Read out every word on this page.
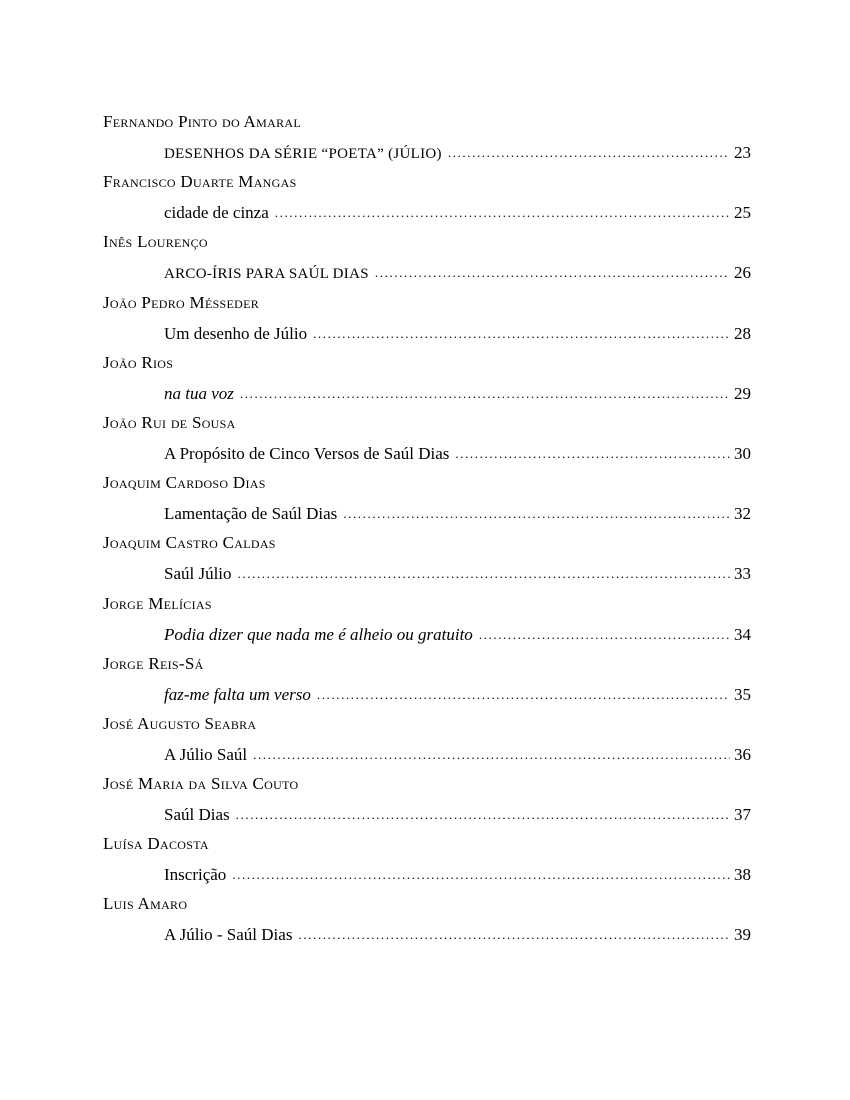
Fernando Pinto do Amaral
DESENHOS DA SÉRIE “POETA” (JÚLIO) .....	23
Francisco Duarte Mangas
cidade de cinza .....	25
Inês Lourenço
ARCO-ÍRIS PARA SAÚL DIAS .....	26
João Pedro Mésseder
Um desenho de Júlio .....	28
João Rios
na tua voz .....	29
João Rui de Sousa
A Propósito de Cinco Versos de Saúl Dias .....	30
Joaquim Cardoso Dias
Lamentação de Saúl Dias .....	32
Joaquim Castro Caldas
Saúl Júlio .....	33
Jorge Melícias
Podia dizer que nada me é alheio ou gratuito .....	34
Jorge Reis-Sá
faz-me falta um verso .....	35
José Augusto Seabra
A Júlio Saúl .....	36
José Maria da Silva Couto
Saúl Dias .....	37
Luísa Dacosta
Inscrição .....	38
Luis Amaro
A Júlio - Saúl Dias .....	39
